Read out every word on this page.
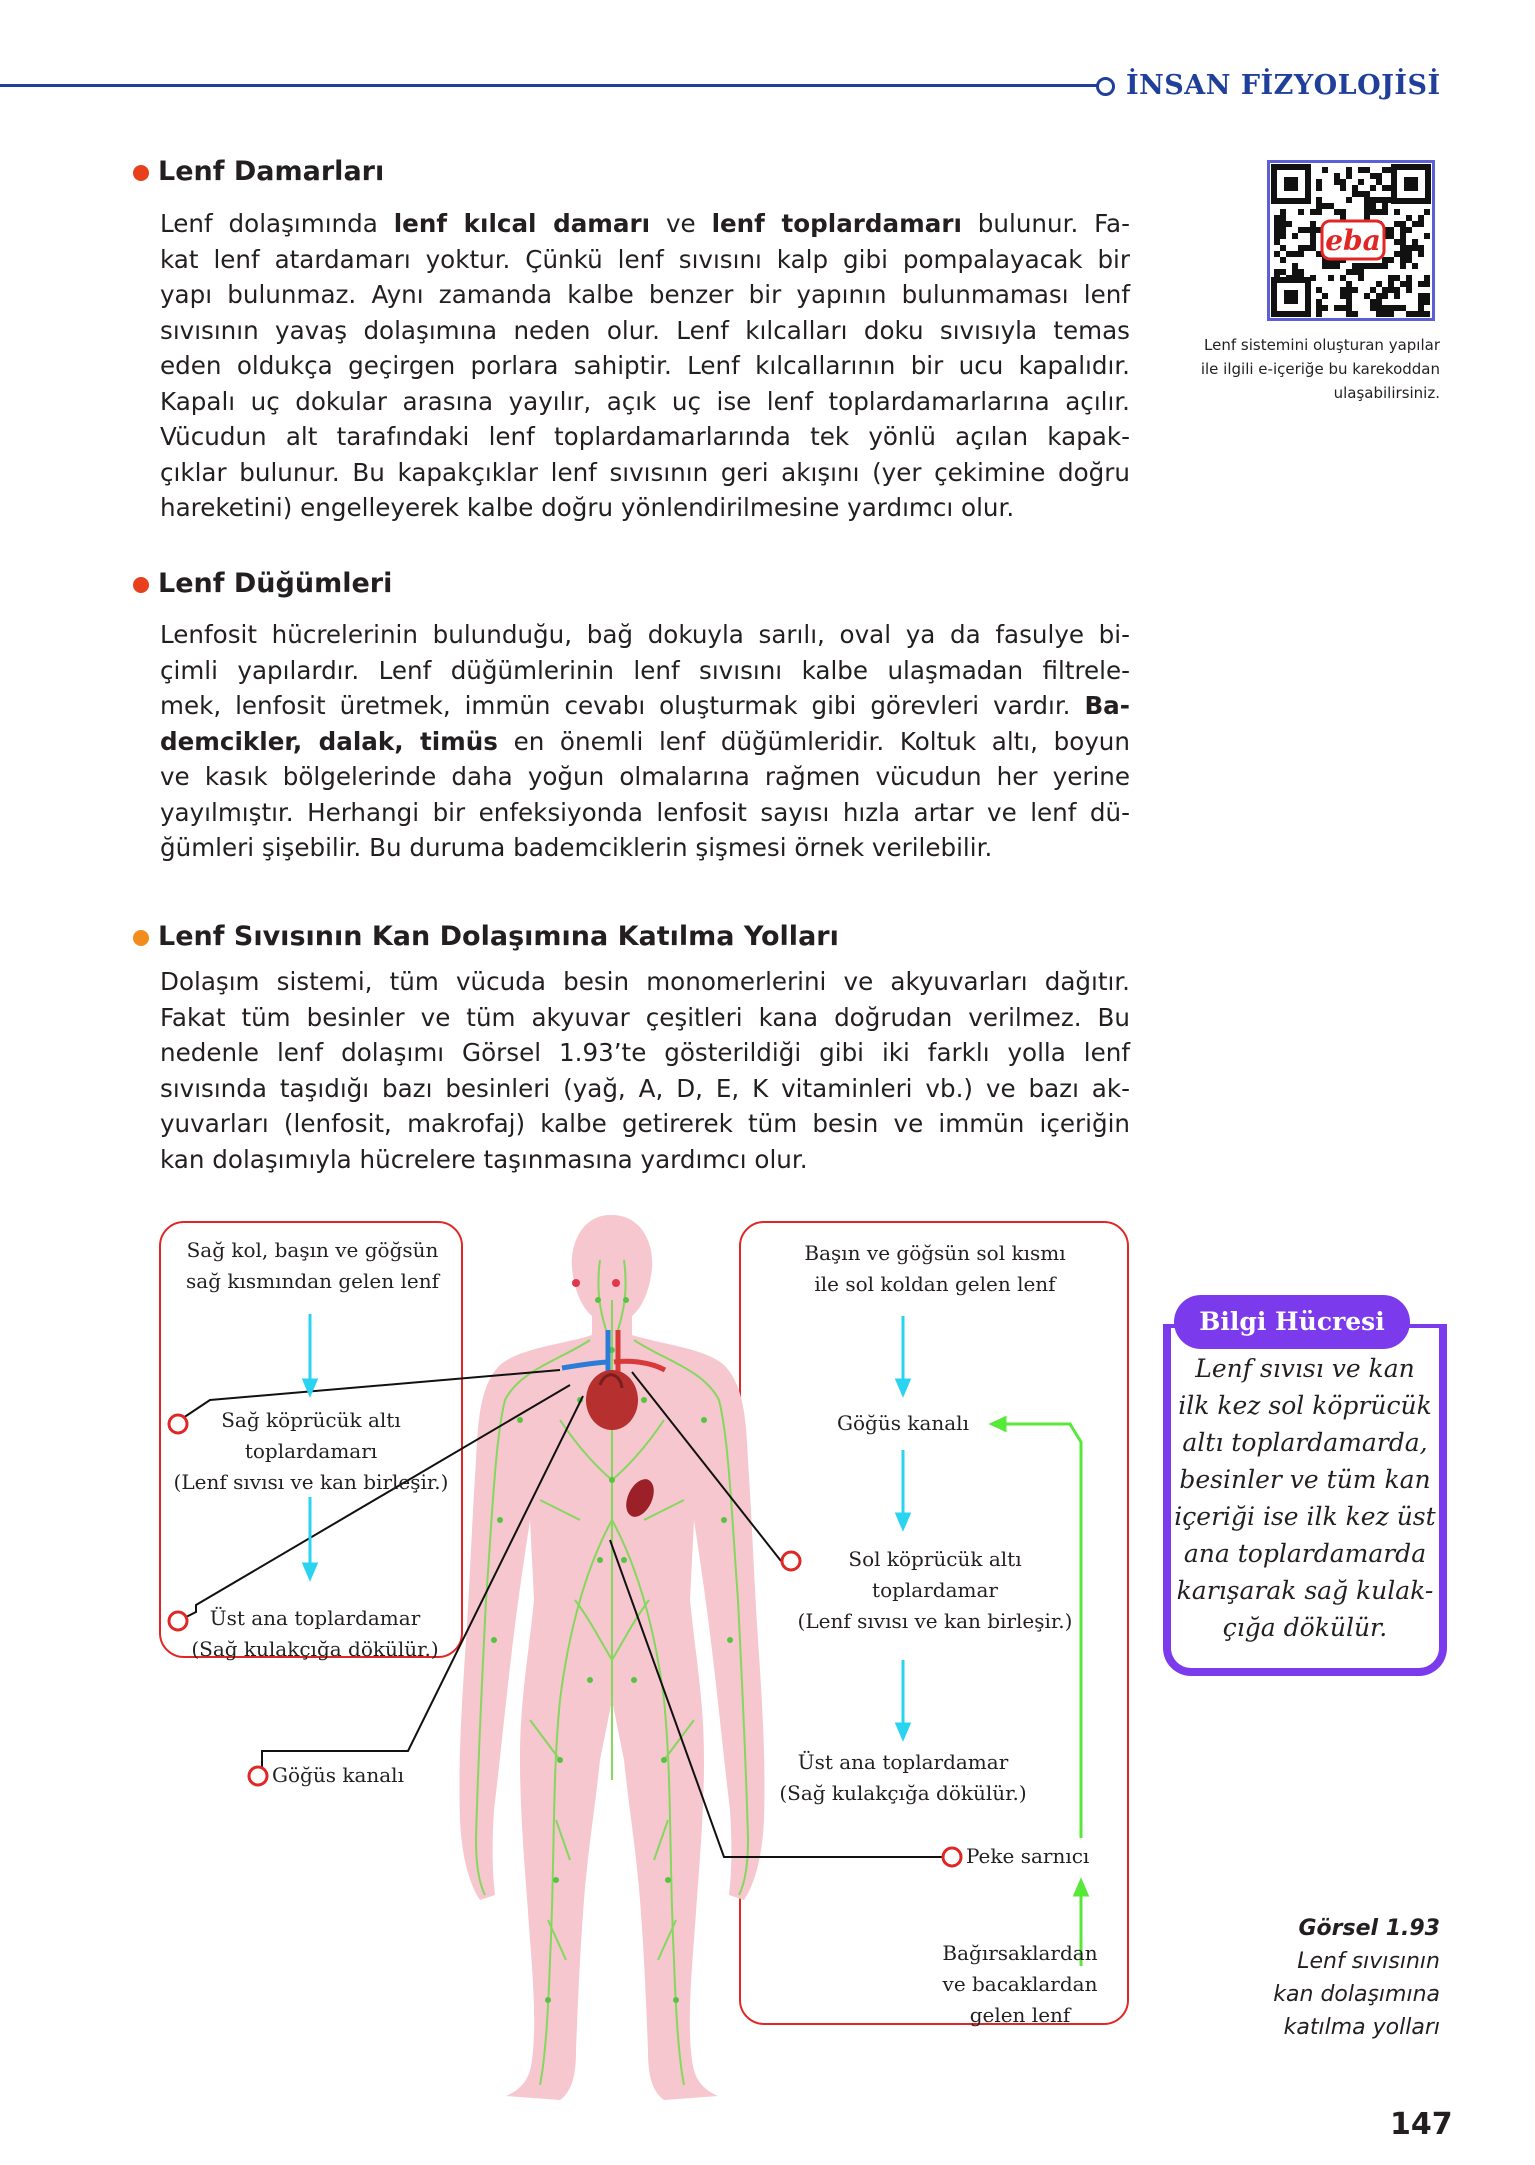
İNSAN FİZYOLOJİSİ
Lenf Damarları
Lenf dolaşımında lenf kılcal damarı ve lenf toplardamarı bulunur. Fa-
kat lenf atardamarı yoktur. Çünkü lenf sıvısını kalp gibi pompalayacak bir
yapı bulunmaz. Aynı zamanda kalbe benzer bir yapının bulunmaması lenf
sıvısının yavaş dolaşımına neden olur. Lenf kılcalları doku sıvısıyla temas
eden oldukça geçirgen porlara sahiptir. Lenf kılcallarının bir ucu kapalıdır.
Kapalı uç dokular arasına yayılır, açık uç ise lenf toplardamarlarına açılır.
Vücudun alt tarafındaki lenf toplardamarlarında tek yönlü açılan kapak-
çıklar bulunur. Bu kapakçıklar lenf sıvısının geri akışını (yer çekimine doğru
hareketini) engelleyerek kalbe doğru yönlendirilmesine yardımcı olur.
eba
Lenf sistemini oluşturan yapılar
ile ilgili e-içeriğe bu karekoddan
ulaşabilirsiniz.
Lenf Düğümleri
Lenfosit hücrelerinin bulunduğu, bağ dokuyla sarılı, oval ya da fasulye bi-
çimli yapılardır. Lenf düğümlerinin lenf sıvısını kalbe ulaşmadan filtrele-
mek, lenfosit üretmek, immün cevabı oluşturmak gibi görevleri vardır. Ba-
demcikler, dalak, timüs en önemli lenf düğümleridir. Koltuk altı, boyun
ve kasık bölgelerinde daha yoğun olmalarına rağmen vücudun her yerine
yayılmıştır. Herhangi bir enfeksiyonda lenfosit sayısı hızla artar ve lenf dü-
ğümleri şişebilir. Bu duruma bademciklerin şişmesi örnek verilebilir.
Lenf Sıvısının Kan Dolaşımına Katılma Yolları
Dolaşım sistemi, tüm vücuda besin monomerlerini ve akyuvarları dağıtır.
Fakat tüm besinler ve tüm akyuvar çeşitleri kana doğrudan verilmez. Bu
nedenle lenf dolaşımı Görsel 1.93’te gösterildiği gibi iki farklı yolla lenf
sıvısında taşıdığı bazı besinleri (yağ, A, D, E, K vitaminleri vb.) ve bazı ak-
yuvarları (lenfosit, makrofaj) kalbe getirerek tüm besin ve immün içeriğin
kan dolaşımıyla hücrelere taşınmasına yardımcı olur.
Sağ kol, başın ve göğsün
sağ kısmından gelen lenf
Sağ köprücük altı
toplardamarı
(Lenf sıvısı ve kan birleşir.)
Üst ana toplardamar
(Sağ kulakçığa dökülür.)
Göğüs kanalı
Başın ve göğsün sol kısmı
ile sol koldan gelen lenf
Göğüs kanalı
Sol köprücük altı
toplardamar
(Lenf sıvısı ve kan birleşir.)
Üst ana toplardamar
(Sağ kulakçığa dökülür.)
Peke sarnıcı
Bağırsaklardan
ve bacaklardan
gelen lenf
Bilgi Hücresi
Lenf sıvısı ve kan
ilk kez sol köprücük
altı toplardamarda,
besinler ve tüm kan
içeriği ise ilk kez üst
ana toplardamarda
karışarak sağ kulak-
çığa dökülür.
Görsel 1.93
Lenf sıvısının
kan dolaşımına
katılma yolları
147
